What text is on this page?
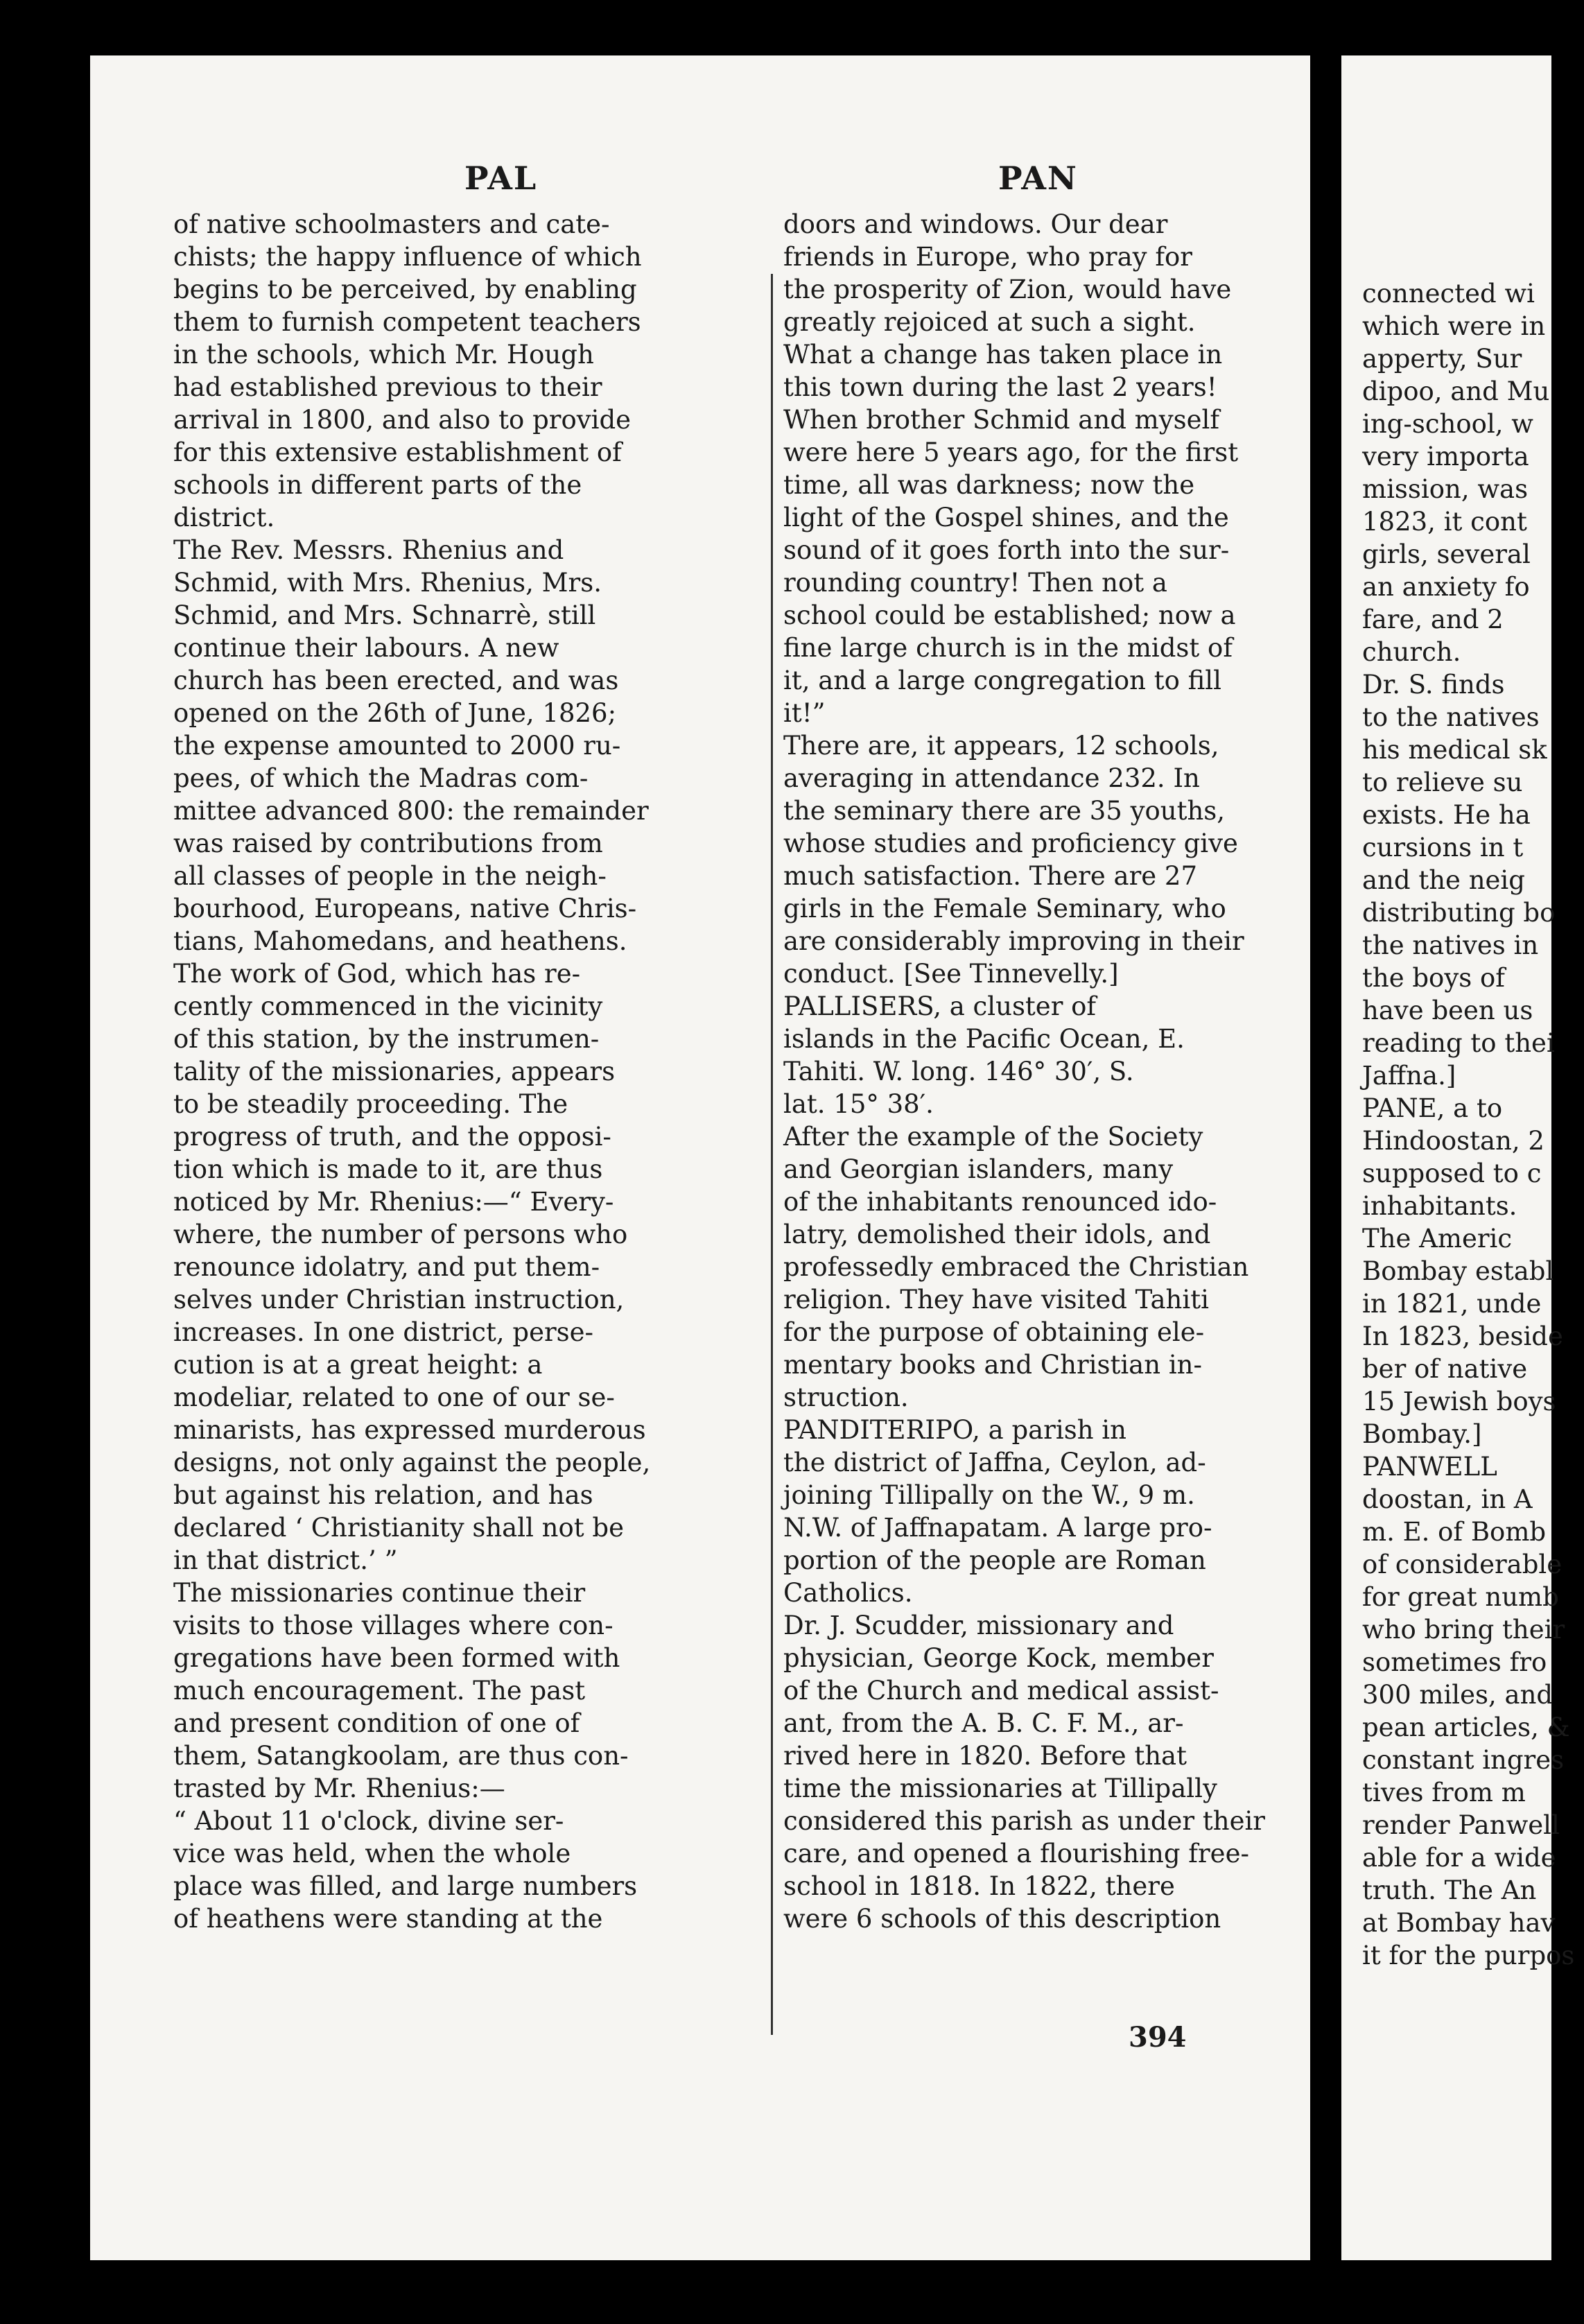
PAL	PAN
of native schoolmasters and cate-
chists; the happy influence of which
begins to be perceived, by enabling
them to furnish competent teachers
in the schools, which Mr. Hough
had established previous to their
arrival in 1800, and also to provide
for this extensive establishment of
schools in different parts of the
district.
The Rev. Messrs. Rhenius and
Schmid, with Mrs. Rhenius, Mrs.
Schmid, and Mrs. Schnarrè, still
continue their labours. A new
church has been erected, and was
opened on the 26th of June, 1826;
the expense amounted to 2000 ru-
pees, of which the Madras com-
mittee advanced 800: the remainder
was raised by contributions from
all classes of people in the neigh-
bourhood, Europeans, native Chris-
tians, Mahomedans, and heathens.
The work of God, which has re-
cently commenced in the vicinity
of this station, by the instrumen-
tality of the missionaries, appears
to be steadily proceeding. The
progress of truth, and the opposi-
tion which is made to it, are thus
noticed by Mr. Rhenius:—“ Every-
where, the number of persons who
renounce idolatry, and put them-
selves under Christian instruction,
increases. In one district, perse-
cution is at a great height: a
modeliar, related to one of our se-
minarists, has expressed murderous
designs, not only against the people,
but against his relation, and has
declared ‘ Christianity shall not be
in that district.’ ”
The missionaries continue their
visits to those villages where con-
gregations have been formed with
much encouragement. The past
and present condition of one of
them, Satangkoolam, are thus con-
trasted by Mr. Rhenius:—
“ About 11 o'clock, divine ser-
vice was held, when the whole
place was filled, and large numbers
of heathens were standing at the
doors and windows. Our dear
friends in Europe, who pray for
the prosperity of Zion, would have
greatly rejoiced at such a sight.
What a change has taken place in
this town during the last 2 years!
When brother Schmid and myself
were here 5 years ago, for the first
time, all was darkness; now the
light of the Gospel shines, and the
sound of it goes forth into the sur-
rounding country! Then not a
school could be established; now a
fine large church is in the midst of
it, and a large congregation to fill
it!”
There are, it appears, 12 schools,
averaging in attendance 232. In
the seminary there are 35 youths,
whose studies and proficiency give
much satisfaction. There are 27
girls in the Female Seminary, who
are considerably improving in their
conduct. [See Tinnevelly.]
PALLISERS, a cluster of
islands in the Pacific Ocean, E.
Tahiti. W. long. 146° 30′, S.
lat. 15° 38′.
After the example of the Society
and Georgian islanders, many
of the inhabitants renounced ido-
latry, demolished their idols, and
professedly embraced the Christian
religion. They have visited Tahiti
for the purpose of obtaining ele-
mentary books and Christian in-
struction.
PANDITERIPO, a parish in
the district of Jaffna, Ceylon, ad-
joining Tillipally on the W., 9 m.
N.W. of Jaffnapatam. A large pro-
portion of the people are Roman
Catholics.
Dr. J. Scudder, missionary and
physician, George Kock, member
of the Church and medical assist-
ant, from the A. B. C. F. M., ar-
rived here in 1820. Before that
time the missionaries at Tillipally
considered this parish as under their
care, and opened a flourishing free-
school in 1818. In 1822, there
were 6 schools of this description
connected wi
which were in
apperty, Sur
dipoo, and Mu
ing-school, w
very importa
mission, was
1823, it cont
girls, several
an anxiety fo
fare, and 2
church.
Dr. S. finds
to the natives
his medical sk
to relieve su
exists. He ha
cursions in t
and the neig
distributing bo
the natives in
the boys of
have been us
reading to thei
Jaffna.]
PANE, a to
Hindoostan, 2
supposed to c
inhabitants.
The Americ
Bombay establ
in 1821, unde
In 1823, beside
ber of native
15 Jewish boys
Bombay.]
PANWELL
doostan, in A
m. E. of Bomb
of considerable
for great numb
who bring their
sometimes fro
300 miles, and
pean articles, &
constant ingres
tives from m
render Panwell
able for a wide
truth. The An
at Bombay hav
it for the purpos
394
